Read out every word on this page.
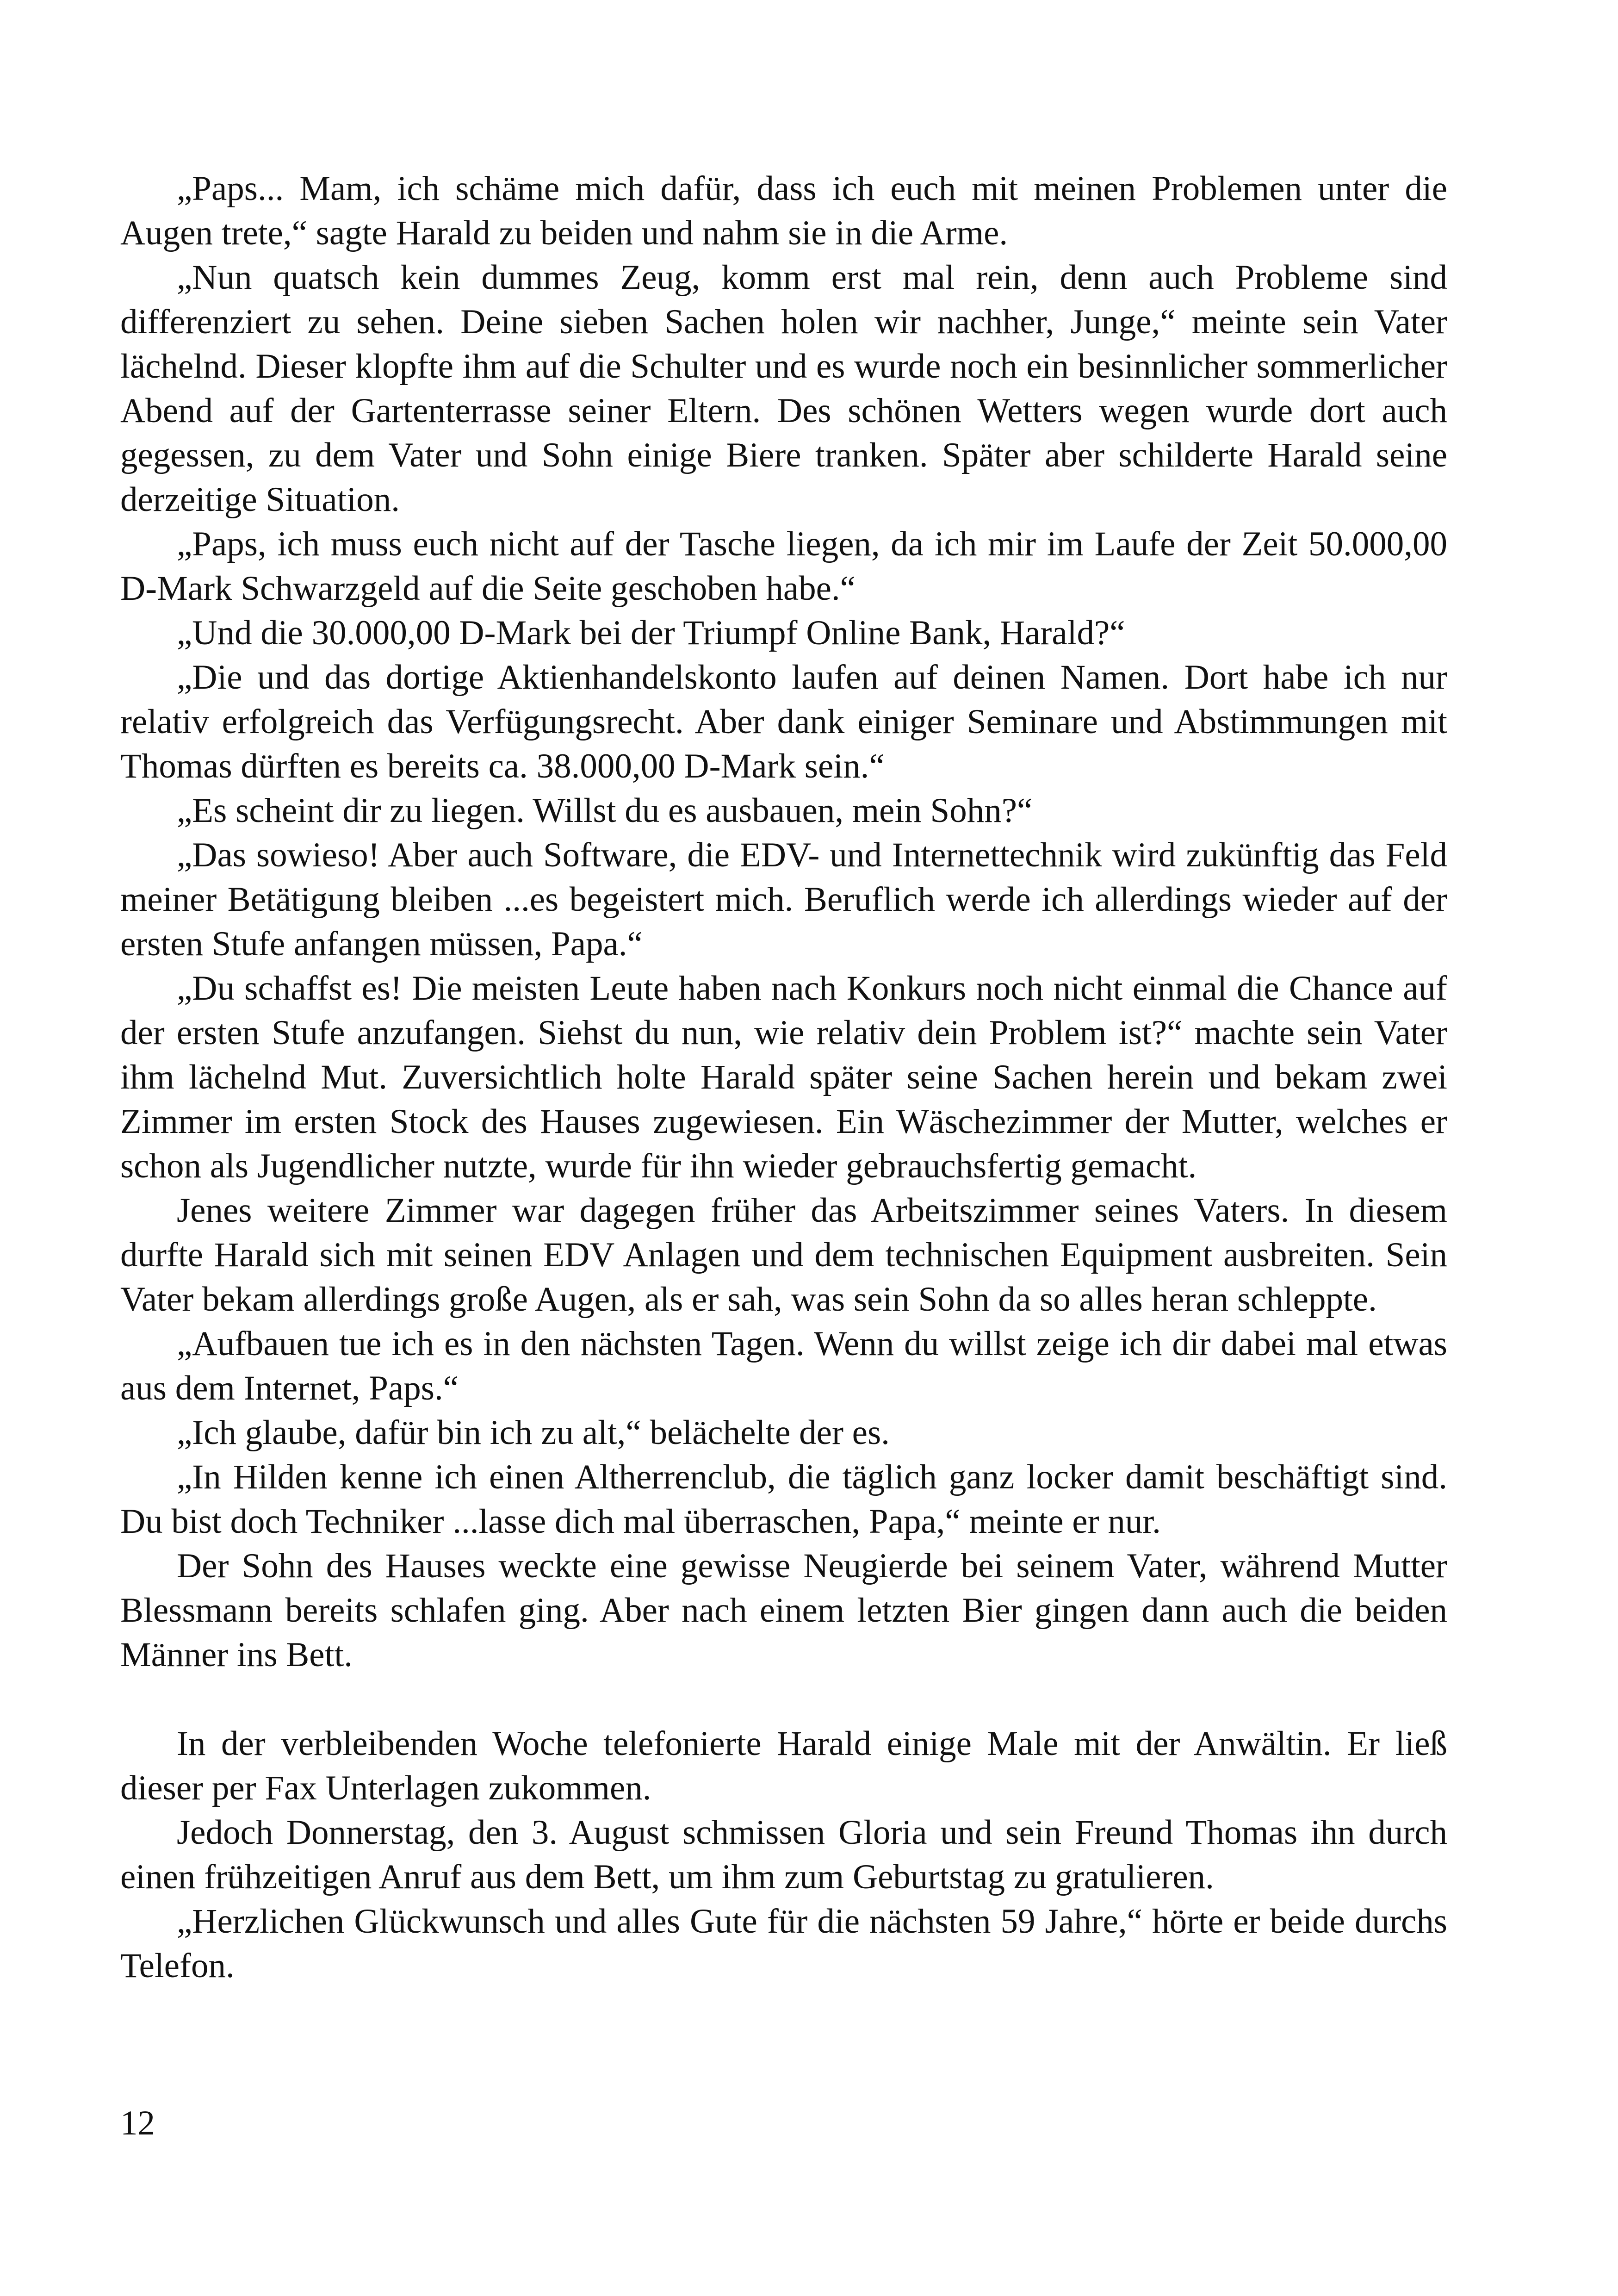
„Paps... Mam, ich schäme mich dafür, dass ich euch mit meinen Problemen unter die Augen trete,“ sagte Harald zu beiden und nahm sie in die Arme.

„Nun quatsch kein dummes Zeug, komm erst mal rein, denn auch Probleme sind differenziert zu sehen. Deine sieben Sachen holen wir nachher, Junge,“ meinte sein Vater lächelnd. Dieser klopfte ihm auf die Schulter und es wurde noch ein besinnlicher sommerlicher Abend auf der Gartenterrasse seiner Eltern. Des schönen Wetters wegen wurde dort auch gegessen, zu dem Vater und Sohn einige Biere tranken. Später aber schilderte Harald seine derzeitige Situation.

„Paps, ich muss euch nicht auf der Tasche liegen, da ich mir im Laufe der Zeit 50.000,00 D-Mark Schwarzgeld auf die Seite geschoben habe.“

„Und die 30.000,00 D-Mark bei der Triumpf Online Bank, Harald?“

„Die und das dortige Aktienhandelskonto laufen auf deinen Namen. Dort habe ich nur relativ erfolgreich das Verfügungsrecht. Aber dank einiger Seminare und Abstimmungen mit Thomas dürften es bereits ca. 38.000,00 D-Mark sein.“

„Es scheint dir zu liegen. Willst du es ausbauen, mein Sohn?“

„Das sowieso! Aber auch Software, die EDV- und Internettechnik wird zukünftig das Feld meiner Betätigung bleiben ...es begeistert mich. Beruflich werde ich allerdings wieder auf der ersten Stufe anfangen müssen, Papa.“

„Du schaffst es! Die meisten Leute haben nach Konkurs noch nicht einmal die Chance auf der ersten Stufe anzufangen. Siehst du nun, wie relativ dein Problem ist?“ machte sein Vater ihm lächelnd Mut. Zuversichtlich holte Harald später seine Sachen herein und bekam zwei Zimmer im ersten Stock des Hauses zugewiesen. Ein Wäschezimmer der Mutter, welches er schon als Jugendlicher nutzte, wurde für ihn wieder gebrauchsfertig gemacht.

Jenes weitere Zimmer war dagegen früher das Arbeitszimmer seines Vaters. In diesem durfte Harald sich mit seinen EDV Anlagen und dem technischen Equipment ausbreiten. Sein Vater bekam allerdings große Augen, als er sah, was sein Sohn da so alles heran schleppte.

„Aufbauen tue ich es in den nächsten Tagen. Wenn du willst zeige ich dir dabei mal etwas aus dem Internet, Paps.“

„Ich glaube, dafür bin ich zu alt,“ belächelte der es.

„In Hilden kenne ich einen Altherrenclub, die täglich ganz locker damit beschäftigt sind. Du bist doch Techniker ...lasse dich mal überraschen, Papa,“ meinte er nur.

Der Sohn des Hauses weckte eine gewisse Neugierde bei seinem Vater, während Mutter Blessmann bereits schlafen ging. Aber nach einem letzten Bier gingen dann auch die beiden Männer ins Bett.

In der verbleibenden Woche telefonierte Harald einige Male mit der Anwältin. Er ließ dieser per Fax Unterlagen zukommen.

Jedoch Donnerstag, den 3. August schmissen Gloria und sein Freund Thomas ihn durch einen frühzeitigen Anruf aus dem Bett, um ihm zum Geburtstag zu gratulieren.

„Herzlichen Glückwunsch und alles Gute für die nächsten 59 Jahre,“ hörte er beide durchs Telefon.

12
